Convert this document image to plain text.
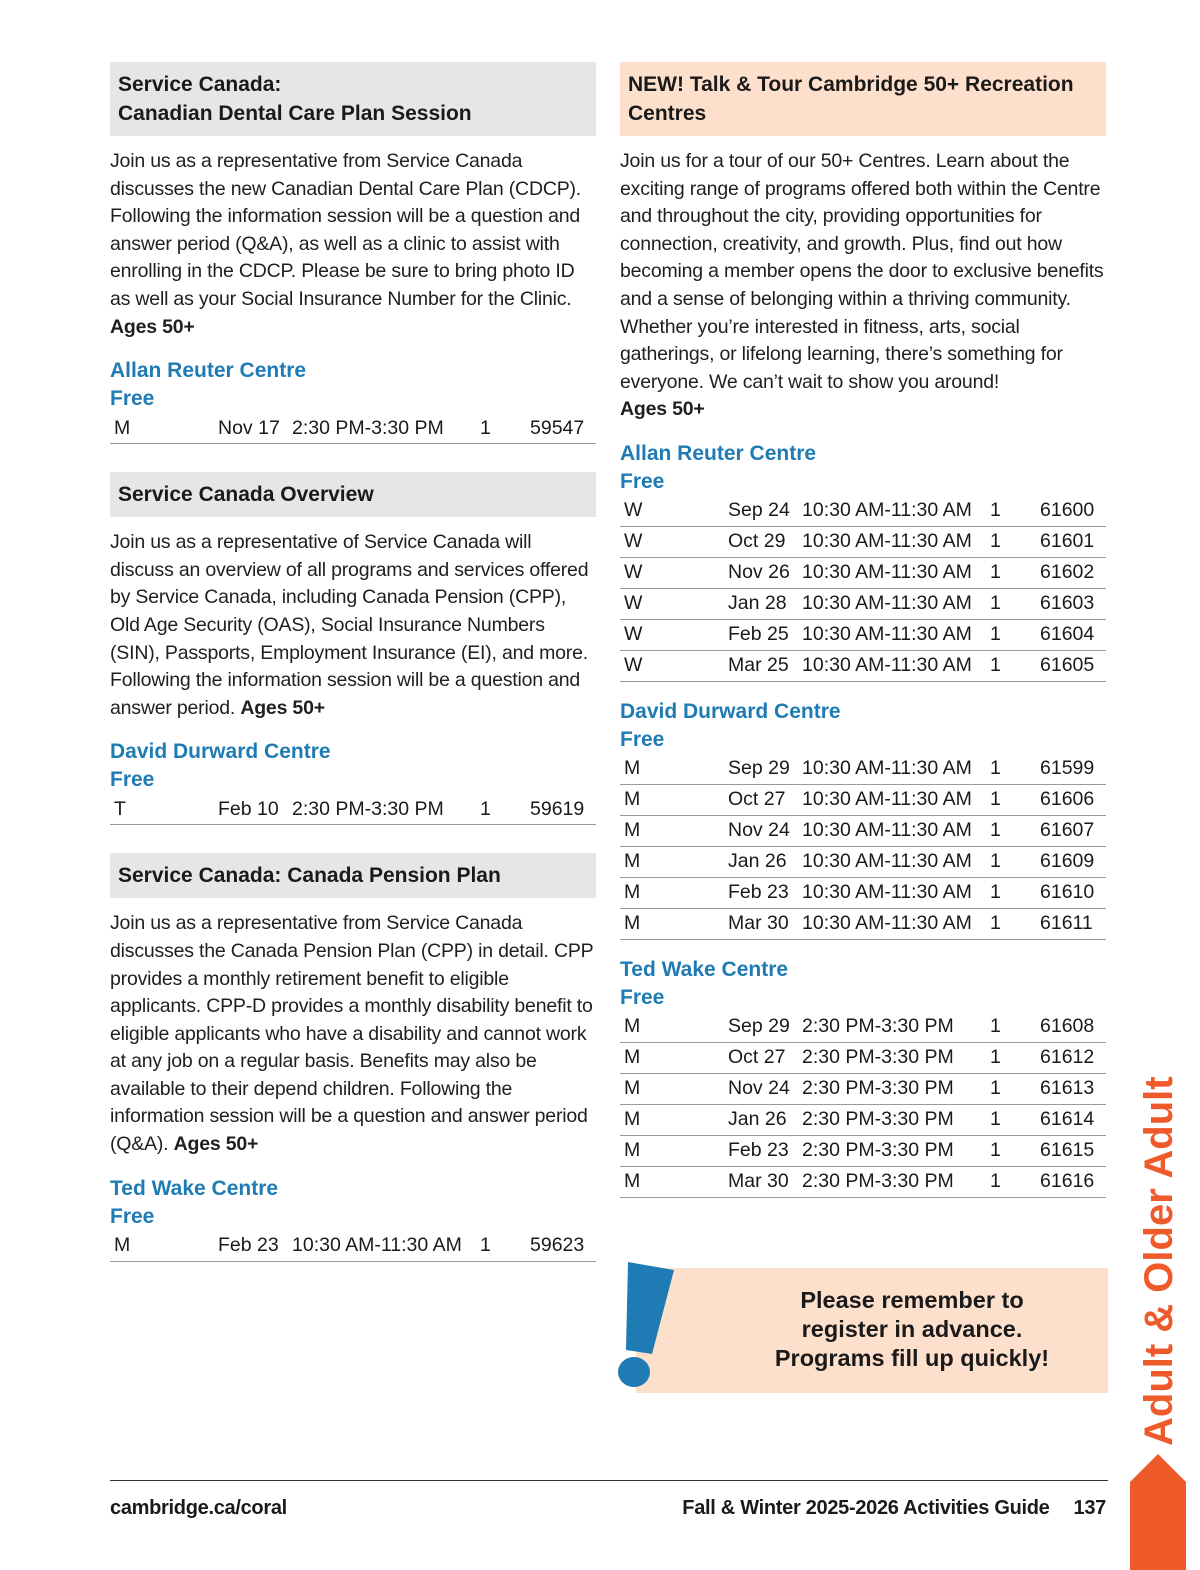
Service Canada:
Canadian Dental Care Plan Session

Join us as a representative from Service Canada discusses the new Canadian Dental Care Plan (CDCP). Following the information session will be a question and answer period (Q&A), as well as a clinic to assist with enrolling in the CDCP. Please be sure to bring photo ID as well as your Social Insurance Number for the Clinic. Ages 50+

Allan Reuter Centre
Free
M	Nov 17	2:30 PM-3:30 PM	1	59547
Service Canada Overview

Join us as a representative of Service Canada will discuss an overview of all programs and services offered by Service Canada, including Canada Pension (CPP), Old Age Security (OAS), Social Insurance Numbers (SIN), Passports, Employment Insurance (EI), and more. Following the information session will be a question and answer period. Ages 50+

David Durward Centre
Free
T	Feb 10	2:30 PM-3:30 PM	1	59619
Service Canada: Canada Pension Plan

Join us as a representative from Service Canada discusses the Canada Pension Plan (CPP) in detail. CPP provides a monthly retirement benefit to eligible applicants. CPP-D provides a monthly disability benefit to eligible applicants who have a disability and cannot work at any job on a regular basis. Benefits may also be available to their depend children. Following the information session will be a question and answer period (Q&A). Ages 50+

Ted Wake Centre
Free
M	Feb 23	10:30 AM-11:30 AM	1	59623
NEW! Talk & Tour Cambridge 50+ Recreation
Centres

Join us for a tour of our 50+ Centres. Learn about the exciting range of programs offered both within the Centre and throughout the city, providing opportunities for connection, creativity, and growth. Plus, find out how becoming a member opens the door to exclusive benefits and a sense of belonging within a thriving community. Whether you’re interested in fitness, arts, social gatherings, or lifelong learning, there’s something for everyone. We can’t wait to show you around!
Ages 50+

Allan Reuter Centre
Free
W	Sep 24	10:30 AM-11:30 AM	1	61600
W	Oct 29	10:30 AM-11:30 AM	1	61601
W	Nov 26	10:30 AM-11:30 AM	1	61602
W	Jan 28	10:30 AM-11:30 AM	1	61603
W	Feb 25	10:30 AM-11:30 AM	1	61604
W	Mar 25	10:30 AM-11:30 AM	1	61605
David Durward Centre
Free
M	Sep 29	10:30 AM-11:30 AM	1	61599
M	Oct 27	10:30 AM-11:30 AM	1	61606
M	Nov 24	10:30 AM-11:30 AM	1	61607
M	Jan 26	10:30 AM-11:30 AM	1	61609
M	Feb 23	10:30 AM-11:30 AM	1	61610
M	Mar 30	10:30 AM-11:30 AM	1	61611
Ted Wake Centre
Free
M	Sep 29	2:30 PM-3:30 PM	1	61608
M	Oct 27	2:30 PM-3:30 PM	1	61612
M	Nov 24	2:30 PM-3:30 PM	1	61613
M	Jan 26	2:30 PM-3:30 PM	1	61614
M	Feb 23	2:30 PM-3:30 PM	1	61615
M	Mar 30	2:30 PM-3:30 PM	1	61616
Please remember to
register in advance.
Programs fill up quickly!	Adult & Older Adult
cambridge.ca/coral	Fall & Winter 2025-2026 Activities Guide 137
